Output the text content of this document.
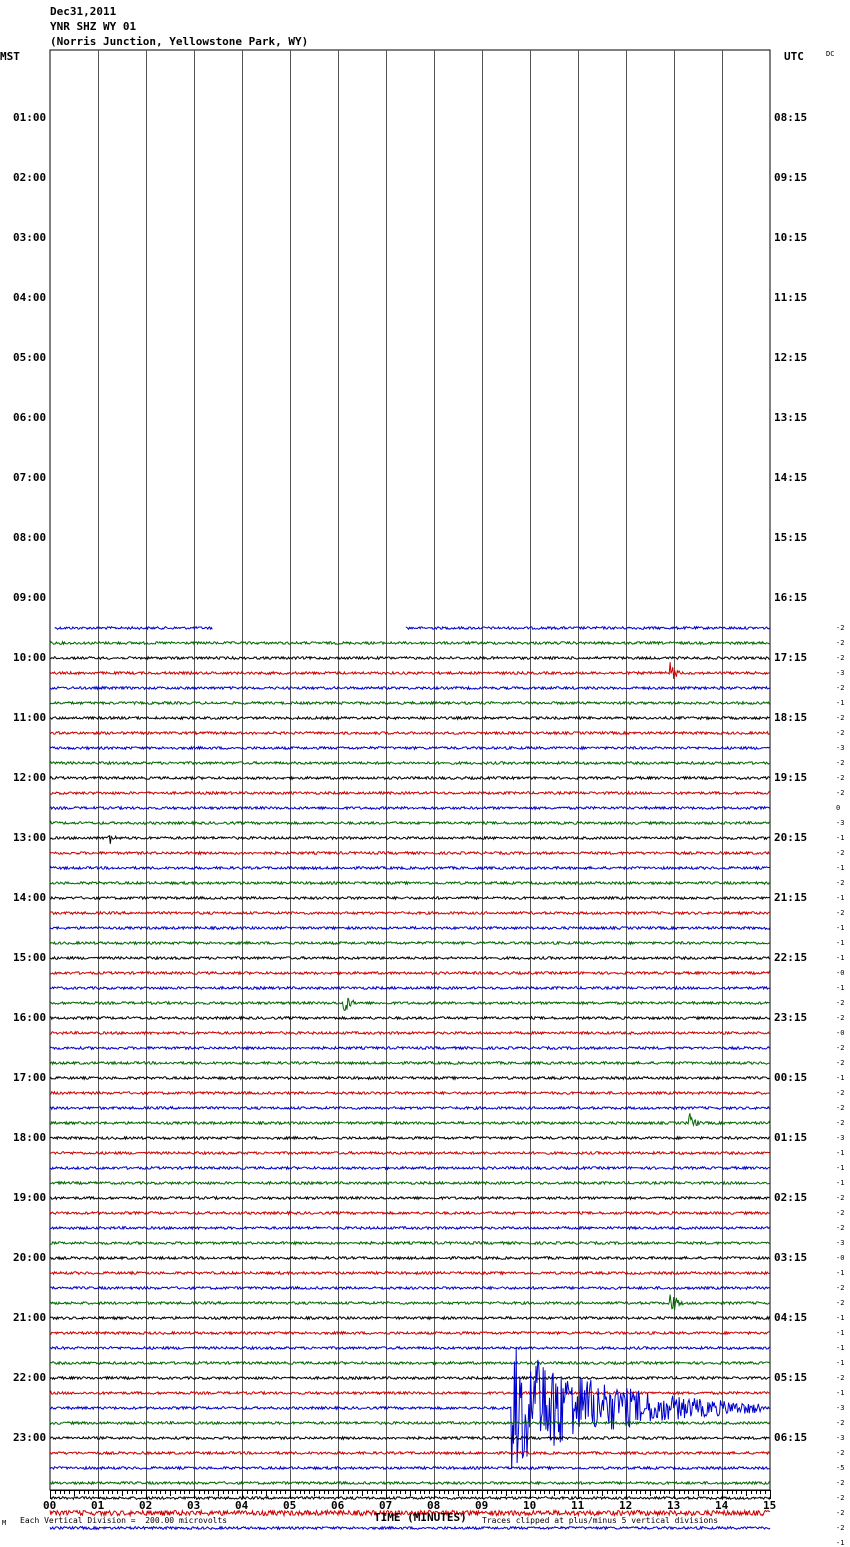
Dec31,2011
YNR SHZ WY 01
(Norris Junction, Yellowstone Park, WY)
MST	UTC	DC
01:00
02:00
03:00
04:00
05:00
06:00
07:00
08:00
09:00
10:00
11:00
12:00
13:00
14:00
15:00
16:00
17:00
18:00
19:00
20:00
21:00
22:00
23:00
08:15
09:15
10:15
11:15
12:15
13:15
14:15
15:15
16:15
17:15
18:15
19:15
20:15
21:15
22:15
23:15
00:15
01:15
02:15
03:15
04:15
05:15
06:15
-2
-2
-2
-3
-2
-1
-2
-2
-3
-2
-2
-2
0
-3
-1
-2
-1
-2
-1
-2
-1
-1
-1
-0
-1
-2
-2
-0
-2
-2
-1
-2
-2
-2
-3
-1
-1
-1
-2
-2
-2
-3
-0
-1
-2
-2
-1
-1
-1
-1
-2
-1
-3
-2
-3
-2
-5
-2
-2
-2
-2
-1
00	01	02	03	04	05	06	07	08	09	10	11	12	13	14	15
M Each Vertical Division =  200.00 microvolts	TIME (MINUTES) Traces clipped at plus/minus 5 vertical divisions
